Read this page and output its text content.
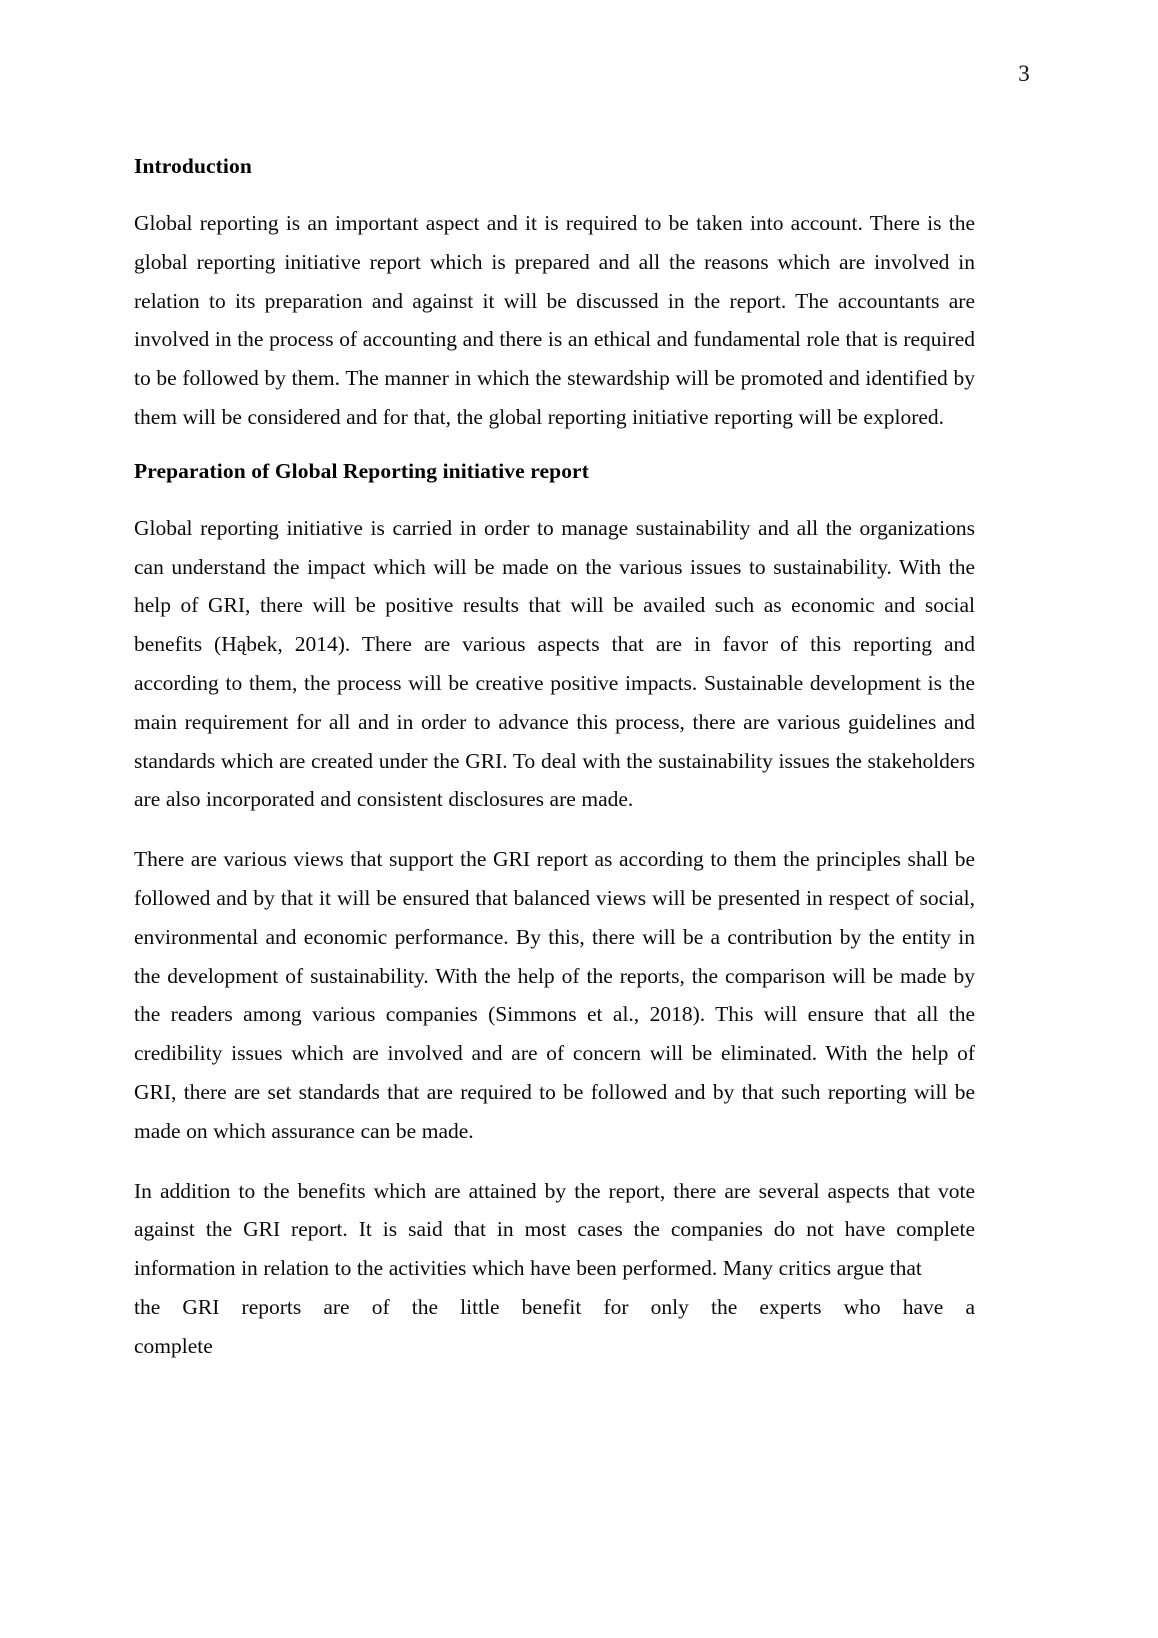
3
Introduction

Global reporting is an important aspect and it is required to be taken into account. There is the global reporting initiative report which is prepared and all the reasons which are involved in relation to its preparation and against it will be discussed in the report. The accountants are involved in the process of accounting and there is an ethical and fundamental role that is required to be followed by them. The manner in which the stewardship will be promoted and identified by them will be considered and for that, the global reporting initiative reporting will be explored.

Preparation of Global Reporting initiative report

Global reporting initiative is carried in order to manage sustainability and all the organizations can understand the impact which will be made on the various issues to sustainability. With the help of GRI, there will be positive results that will be availed such as economic and social benefits (Hąbek, 2014). There are various aspects that are in favor of this reporting and according to them, the process will be creative positive impacts. Sustainable development is the main requirement for all and in order to advance this process, there are various guidelines and standards which are created under the GRI. To deal with the sustainability issues the stakeholders are also incorporated and consistent disclosures are made.

There are various views that support the GRI report as according to them the principles shall be followed and by that it will be ensured that balanced views will be presented in respect of social, environmental and economic performance. By this, there will be a contribution by the entity in the development of sustainability. With the help of the reports, the comparison will be made by the readers among various companies (Simmons et al., 2018). This will ensure that all the credibility issues which are involved and are of concern will be eliminated. With the help of GRI, there are set standards that are required to be followed and by that such reporting will be made on which assurance can be made.

In addition to the benefits which are attained by the report, there are several aspects that vote against the GRI report. It is said that in most cases the companies do not have complete information in relation to the activities which have been performed. Many critics argue that
the GRI reports are of the little benefit for only the experts who have a complete
